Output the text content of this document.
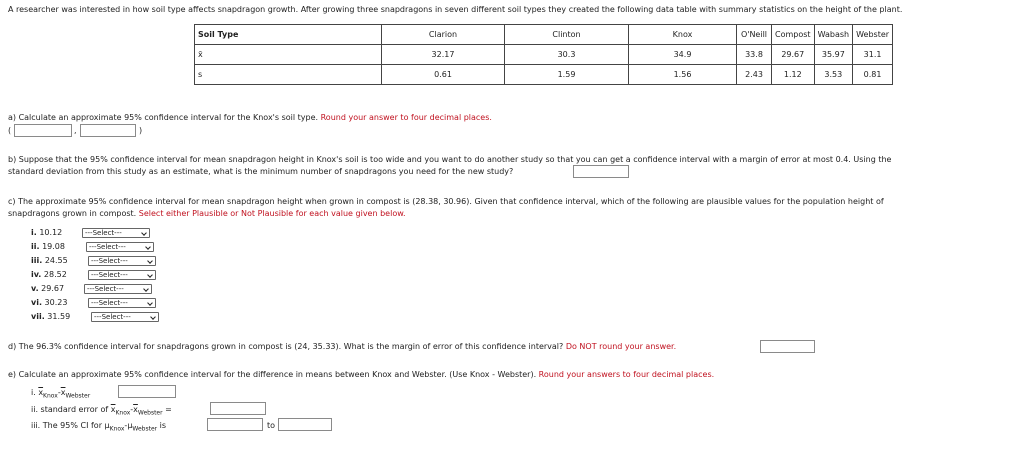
A researcher was interested in how soil type affects snapdragon growth. After growing three snapdragons in seven different soil types they created the following data table with summary statistics on the height of the plant.
Soil Type	Clarion	Clinton	Knox	O'Neill	Compost	Wabash	Webster
x̄	32.17	30.3	34.9	33.8	29.67	35.97	31.1
s	0.61	1.59	1.56	2.43	1.12	3.53	0.81
a) Calculate an approximate 95% confidence interval for the Knox's soil type. Round your answer to four decimal places.
(	,	)
b) Suppose that the 95% confidence interval for mean snapdragon height in Knox's soil is too wide and you want to do another study so that you can get a confidence interval with a margin of error at most 0.4. Using the
standard deviation from this study as an estimate, what is the minimum number of snapdragons you need for the new study?
c) The approximate 95% confidence interval for mean snapdragon height when grown in compost is (28.38, 30.96). Given that confidence interval, which of the following are plausible values for the population height of
snapdragons grown in compost. Select either Plausible or Not Plausible for each value given below.
i. 10.12	---Select---
ii. 19.08	---Select---
iii. 24.55	---Select---
iv. 28.52	---Select---
v. 29.67	---Select---
vi. 30.23	---Select---
vii. 31.59	---Select---
d) The 96.3% confidence interval for snapdragons grown in compost is (24, 35.33). What is the margin of error of this confidence interval? Do NOT round your answer.
e) Calculate an approximate 95% confidence interval for the difference in means between Knox and Webster. (Use Knox - Webster). Round your answers to four decimal places.
i. $\overline{x}_{Knox}-\overline{x}_{Webster}$
ii. standard error of $\overline{x}_{Knox}-\overline{x}_{Webster}$ =
iii. The 95% CI for $\mu_{Knox}-\mu_{Webster}$ is	to
